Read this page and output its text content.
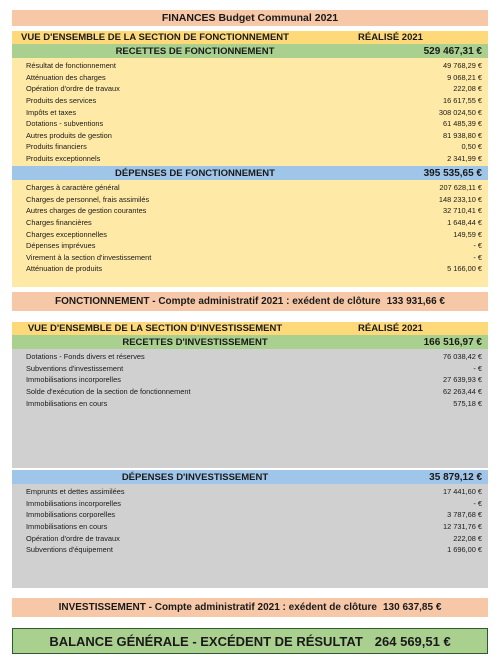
FINANCES Budget Communal 2021
VUE D'ENSEMBLE DE LA SECTION DE FONCTIONNEMENT	RÉALISÉ 2021
RECETTES DE FONCTIONNEMENT	529 467,31 €
Résultat de fonctionnement	49 768,29 €
Atténuation des charges	9 068,21 €
Opération d'ordre de travaux	222,08 €
Produits des services	16 617,55 €
Impôts et taxes	308 024,50 €
Dotations - subventions	61 485,39 €
Autres produits de gestion	81 938,80 €
Produits financiers	0,50 €
Produits exceptionnels	2 341,99 €
DÉPENSES DE FONCTIONNEMENT	395 535,65 €
Charges à caractère général	207 628,11 €
Charges de personnel, frais assimilés	148 233,10 €
Autres charges de gestion courantes	32 710,41 €
Charges financières	1 648,44 €
Charges exceptionnelles	149,59 €
Dépenses imprévues	- €
Virement à la section d'investissement	- €
Atténuation de produits	5 166,00 €
FONCTIONNEMENT - Compte administratif 2021 : exédent de clôture 133 931,66 €
VUE D'ENSEMBLE DE LA SECTION D'INVESTISSEMENT	RÉALISÉ 2021
RECETTES D'INVESTISSEMENT	166 516,97 €
Dotations - Fonds divers et réserves	76 038,42 €
Subventions d'investissement	- €
Immobilisations incorporelles	27 639,93 €
Solde d'exécution de la section de fonctionnement	62 263,44 €
Immobilisations en cours	575,18 €
DÉPENSES D'INVESTISSEMENT	35 879,12 €
Emprunts et dettes assimilées	17 441,60 €
Immobilisations incorporelles	- €
Immobilisations corporelles	3 787,68 €
Immobilisations en cours	12 731,76 €
Opération d'ordre de travaux	222,08 €
Subventions d'équipement	1 696,00 €
INVESTISSEMENT - Compte administratif 2021 : exédent de clôture 130 637,85 €
BALANCE GÉNÉRALE - EXCÉDENT DE RÉSULTAT 264 569,51 €
